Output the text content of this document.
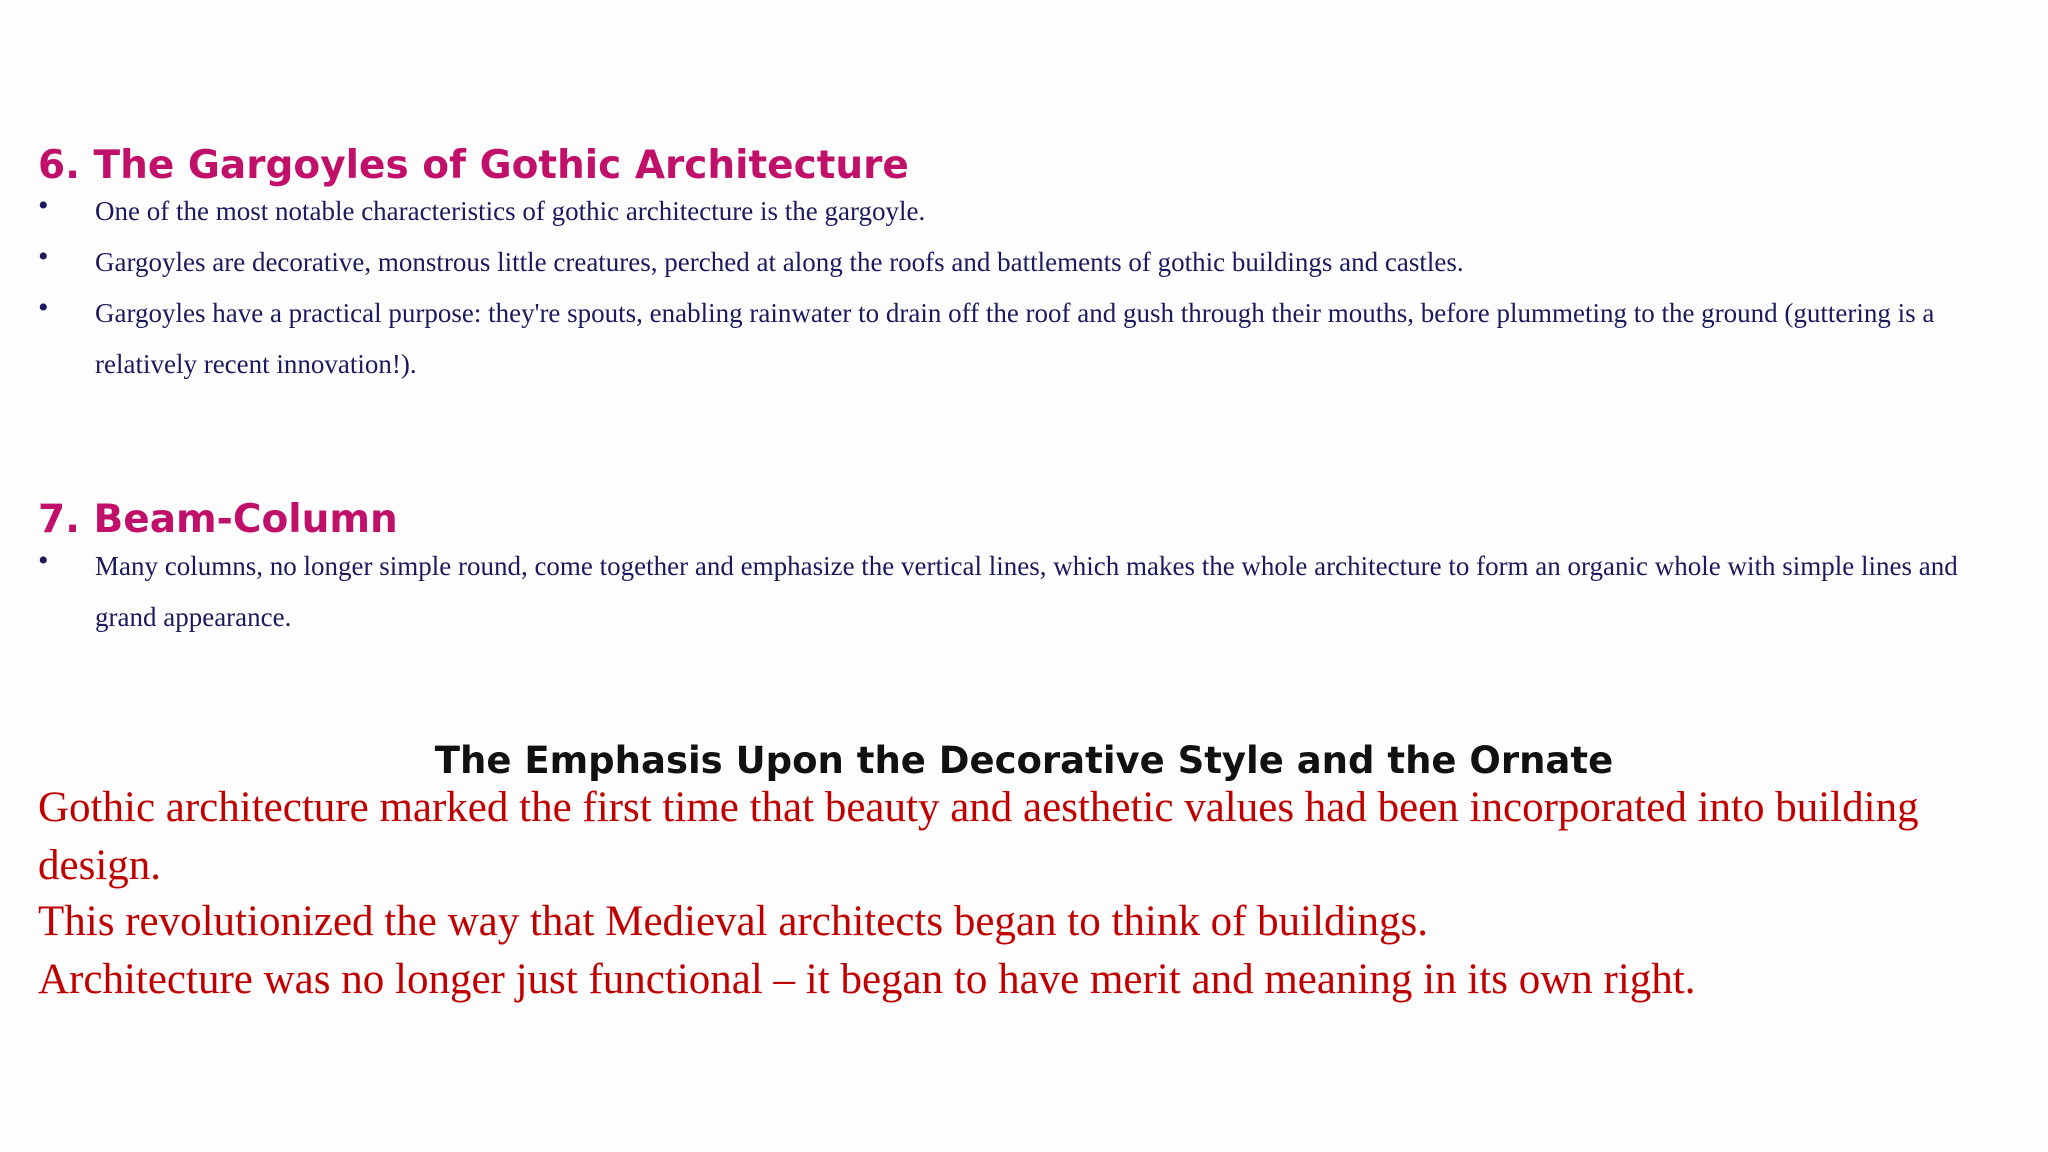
6. The Gargoyles of Gothic Architecture
•	One of the most notable characteristics of gothic architecture is the gargoyle.
•	Gargoyles are decorative, monstrous little creatures, perched at along the roofs and battlements of gothic buildings and castles.
•	Gargoyles have a practical purpose: they're spouts, enabling rainwater to drain off the roof and gush through their mouths, before plummeting to the ground (guttering is a relatively recent innovation!).
7. Beam-Column
•	Many columns, no longer simple round, come together and emphasize the vertical lines, which makes the whole architecture to form an organic whole with simple lines and grand appearance.
The Emphasis Upon the Decorative Style and the Ornate
Gothic architecture marked the first time that beauty and aesthetic values had been incorporated into building design.
This revolutionized the way that Medieval architects began to think of buildings.
Architecture was no longer just functional – it began to have merit and meaning in its own right.
